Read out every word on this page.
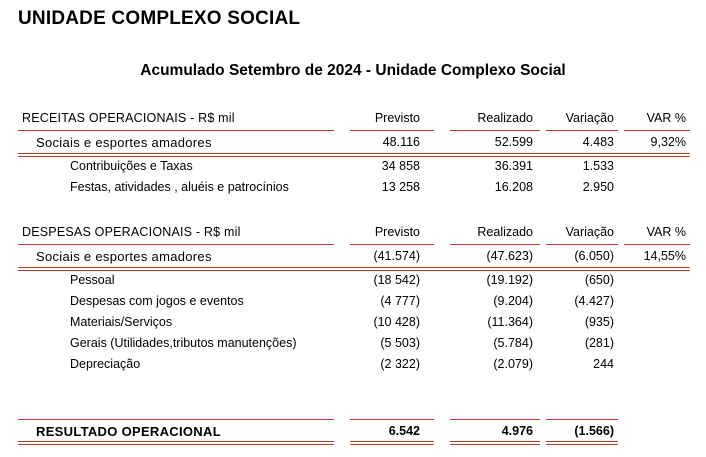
UNIDADE COMPLEXO SOCIAL
Acumulado Setembro de 2024 - Unidade Complexo Social
RECEITAS OPERACIONAIS - R$ mil	Previsto	Realizado	Variação	VAR %
Sociais e esportes amadores	48.116	52.599	4.483	9,32%
Contribuições e Taxas	34 858	36.391	1.533
Festas, atividades , aluéis e patrocínios	13 258	16.208	2.950
DESPESAS OPERACIONAIS - R$ mil	Previsto	Realizado	Variação	VAR %
Sociais e esportes amadores	(41.574)	(47.623)	(6.050) 14,55%
Pessoal	(18 542)	(19.192)	(650)
Despesas com jogos e eventos	(4 777)	(9.204)	(4.427)
Materiais/Serviços	(10 428)	(11.364)	(935)
Gerais (Utilidades,tributos manutenções)	(5 503)	(5.784)	(281)
Depreciação	(2 322)	(2.079)	244
RESULTADO OPERACIONAL	6.542	4.976	(1.566)
